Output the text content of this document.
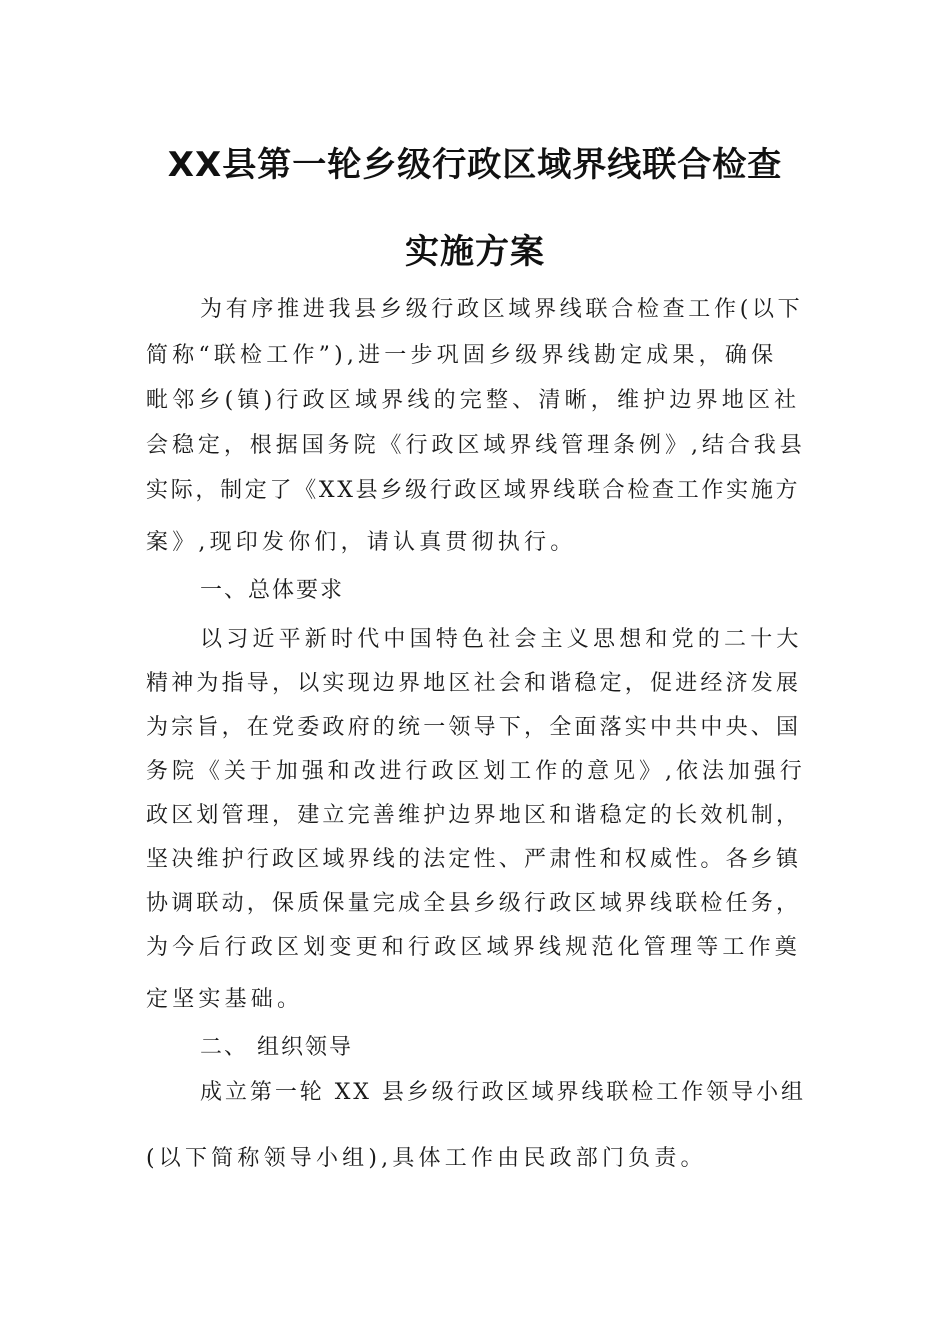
XX县第一轮乡级行政区域界线联合检查
实施方案
为有序推进我县乡级行政区域界线联合检查工作(以下
简称“联检工作”),进一步巩固乡级界线勘定成果，确保
毗邻乡(镇)行政区域界线的完整、清晰，维护边界地区社
会稳定，根据国务院《行政区域界线管理条例》,结合我县
实际，制定了《XX县乡级行政区域界线联合检查工作实施方
案》,现印发你们，请认真贯彻执行。
一、总体要求
以习近平新时代中国特色社会主义思想和党的二十大
精神为指导，以实现边界地区社会和谐稳定，促进经济发展
为宗旨，在党委政府的统一领导下，全面落实中共中央、国
务院《关于加强和改进行政区划工作的意见》,依法加强行
政区划管理，建立完善维护边界地区和谐稳定的长效机制，
坚决维护行政区域界线的法定性、严肃性和权威性。各乡镇
协调联动，保质保量完成全县乡级行政区域界线联检任务，
为今后行政区划变更和行政区域界线规范化管理等工作奠
定坚实基础。
二、 组织领导
成立第一轮 XX 县乡级行政区域界线联检工作领导小组
(以下简称领导小组),具体工作由民政部门负责。
